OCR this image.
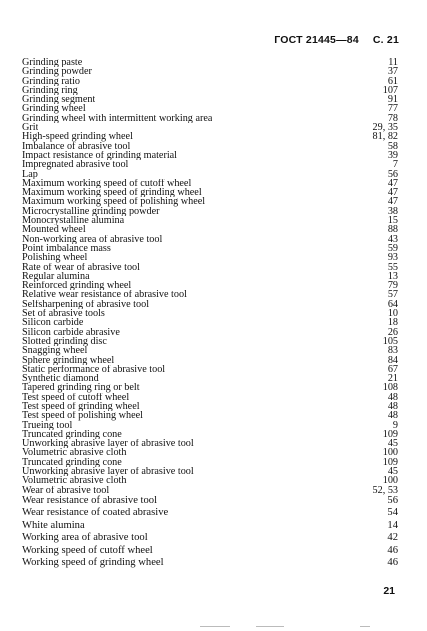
ГОСТ 21445—84 С. 21
Grinding paste	11
Grinding powder	37
Grinding ratio	61
Grinding ring	107
Grinding segment	91
Grinding wheel	77
Grinding wheel with intermittent working area	78
Grit	29, 35
High-speed grinding wheel	81, 82
Imbalance of abrasive tool	58
Impact resistance of grinding material	39
Impregnated abrasive tool	7
Lap	56
Maximum working speed of cutoff wheel	47
Maximum working speed of grinding wheel	47
Maximum working speed of polishing wheel	47
Microcrystalline grinding powder	38
Monocrystalline alumina	15
Mounted wheel	88
Non-working area of abrasive tool	43
Point imbalance mass	59
Polishing wheel	93
Rate of wear of abrasive tool	55
Regular alumina	13
Reinforced grinding wheel	79
Relative wear resistance of abrasive tool	57
Selfsharpening of abrasive tool	64
Set of abrasive tools	10
Silicon carbide	18
Silicon carbide abrasive	26
Slotted grinding disc	105
Snagging wheel	83
Sphere grinding wheel	84
Static performance of abrasive tool	67
Synthetic diamond	21
Tapered grinding ring or belt	108
Test speed of cutoff wheel	48
Test speed of grinding wheel	48
Test speed of polishing wheel	48
Trueing tool	9
Truncated grinding cone	109
Unworking abrasive layer of abrasive tool	45
Volumetric abrasive cloth	100
Truncated grinding cone	109
Unworking abrasive layer of abrasive tool	45
Volumetric abrasive cloth	100
Wear of abrasive tool	52, 53
Wear resistance of abrasive tool	56
Wear resistance of coated abrasive	54
White alumina	14
Working area of abrasive tool	42
Working speed of cutoff wheel	46
Working speed of grinding wheel	46
21
